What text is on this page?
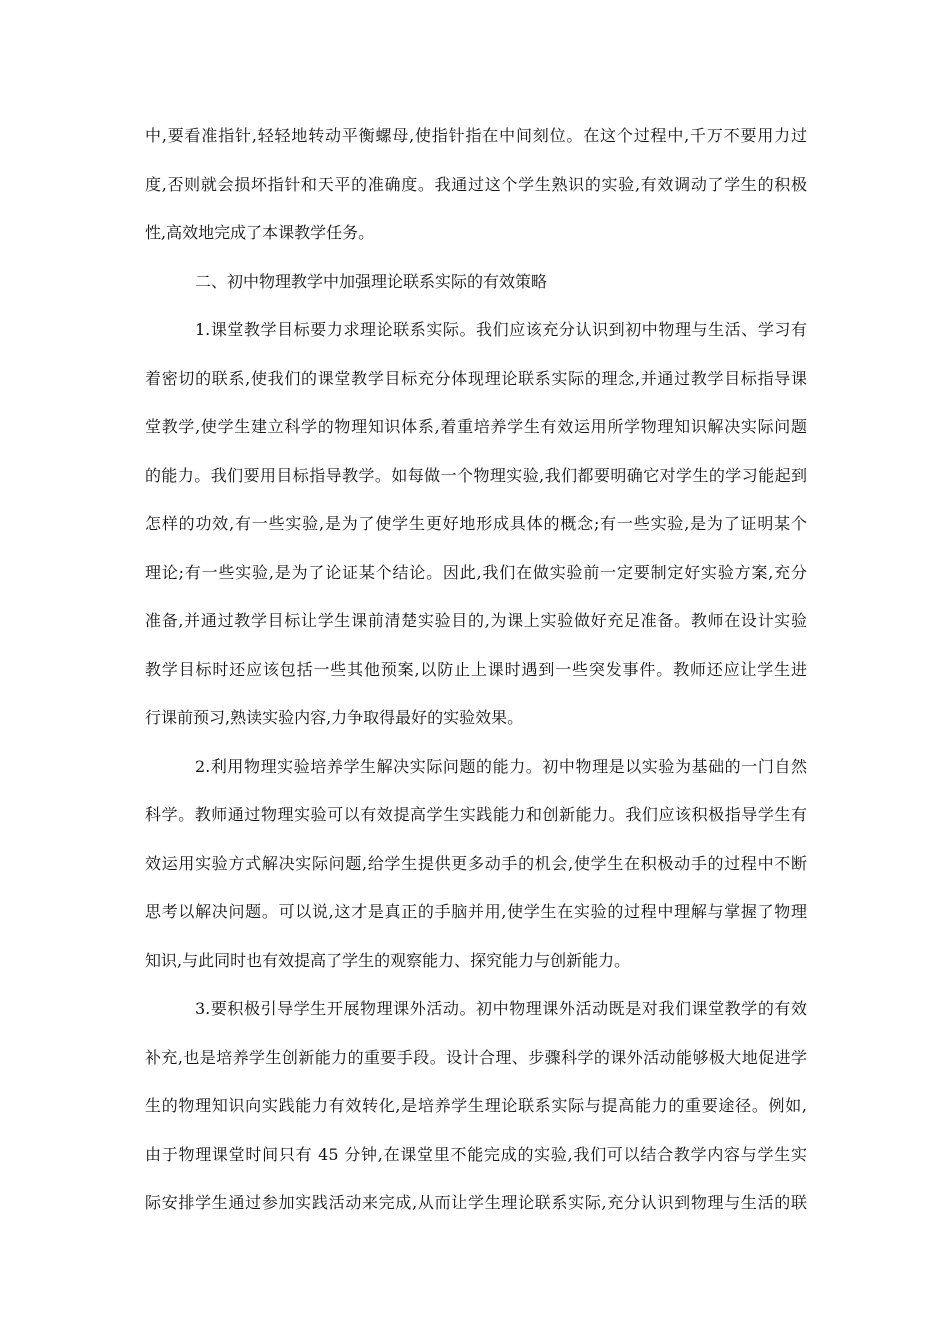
中,要看准指针,轻轻地转动平衡螺母,使指针指在中间刻位。在这个过程中,千万不要用力过
度,否则就会损坏指针和天平的准确度。我通过这个学生熟识的实验,有效调动了学生的积极
性,高效地完成了本课教学任务。
二、初中物理教学中加强理论联系实际的有效策略
1.课堂教学目标要力求理论联系实际。我们应该充分认识到初中物理与生活、学习有
着密切的联系,使我们的课堂教学目标充分体现理论联系实际的理念,并通过教学目标指导课
堂教学,使学生建立科学的物理知识体系,着重培养学生有效运用所学物理知识解决实际问题
的能力。我们要用目标指导教学。如每做一个物理实验,我们都要明确它对学生的学习能起到
怎样的功效,有一些实验,是为了使学生更好地形成具体的概念;有一些实验,是为了证明某个
理论;有一些实验,是为了论证某个结论。因此,我们在做实验前一定要制定好实验方案,充分
准备,并通过教学目标让学生课前清楚实验目的,为课上实验做好充足准备。教师在设计实验
教学目标时还应该包括一些其他预案,以防止上课时遇到一些突发事件。教师还应让学生进
行课前预习,熟读实验内容,力争取得最好的实验效果。
2.利用物理实验培养学生解决实际问题的能力。初中物理是以实验为基础的一门自然
科学。教师通过物理实验可以有效提高学生实践能力和创新能力。我们应该积极指导学生有
效运用实验方式解决实际问题,给学生提供更多动手的机会,使学生在积极动手的过程中不断
思考以解决问题。可以说,这才是真正的手脑并用,使学生在实验的过程中理解与掌握了物理
知识,与此同时也有效提高了学生的观察能力、探究能力与创新能力。
3.要积极引导学生开展物理课外活动。初中物理课外活动既是对我们课堂教学的有效
补充,也是培养学生创新能力的重要手段。设计合理、步骤科学的课外活动能够极大地促进学
生的物理知识向实践能力有效转化,是培养学生理论联系实际与提高能力的重要途径。例如,
由于物理课堂时间只有 45 分钟,在课堂里不能完成的实验,我们可以结合教学内容与学生实
际安排学生通过参加实践活动来完成,从而让学生理论联系实际,充分认识到物理与生活的联
